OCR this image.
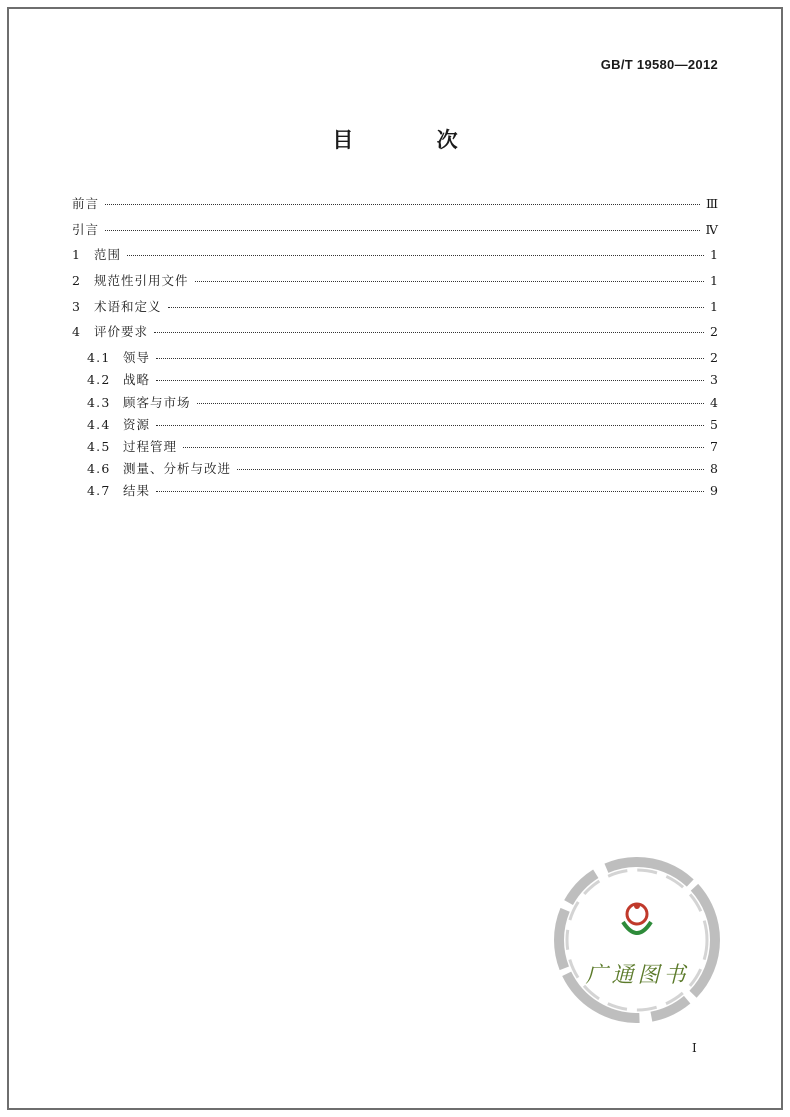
GB/T 19580—2012
目 次
前言	Ⅲ
引言	Ⅳ
1	范围	1
2	规范性引用文件	1
3	术语和定义	1
4	评价要求	2
4.1	领导	2
4.2	战略	3
4.3	顾客与市场	4
4.4	资源	5
4.5	过程管理	7
4.6	测量、分析与改进	8
4.7	结果	9
广通图书
I
